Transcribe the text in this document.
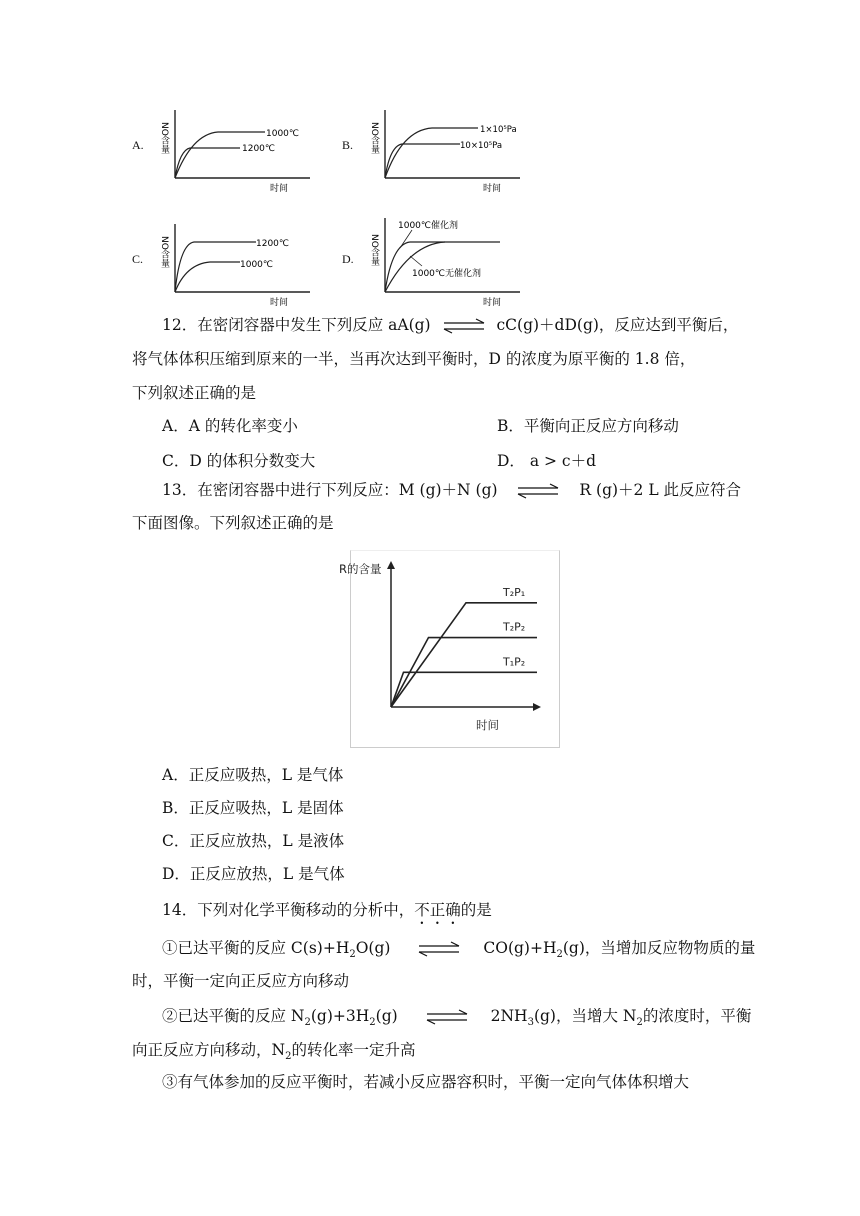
A. NO含量	1000℃
1200℃
时间
B. NO含量	1×10⁵Pa
10×10⁵Pa
时间
C. NO含量	1200℃
1000℃
时间
D. NO含量
1000℃催化剂
1000℃无催化剂
时间
12．在密闭容器中发生下列反应 aA(g) ⇌ cC(g)＋dD(g)，反应达到平衡后，
将气体体积压缩到原来的一半，当再次达到平衡时，D 的浓度为原平衡的 1.8 倍，
下列叙述正确的是
A．A 的转化率变小	B．平衡向正反应方向移动
C．D 的体积分数变大	D． a > c＋d
13．在密闭容器中进行下列反应：M (g)＋N (g) ⇌ R (g)＋2 L 此反应符合
下面图像。下列叙述正确的是
R的含量
时间
T₂P₁
T₂P₂
T₁P₂
A．正反应吸热，L 是气体
B．正反应吸热，L 是固体
C．正反应放热，L 是液体
D．正反应放热，L 是气体
14．下列对化学平衡移动的分析中，不正确的是
①已达平衡的反应 $C(s)+H_2O(g)$ ⇌ $CO(g)+H_2(g)$，当增加反应物物质的量
时，平衡一定向正反应方向移动
②已达平衡的反应 $N_2(g)+3H_2(g)$ ⇌ $2NH_3(g)$，当增大 $N_2$的浓度时，平衡
向正反应方向移动，$N_2$的转化率一定升高
③有气体参加的反应平衡时，若减小反应器容积时，平衡一定向气体体积增大
